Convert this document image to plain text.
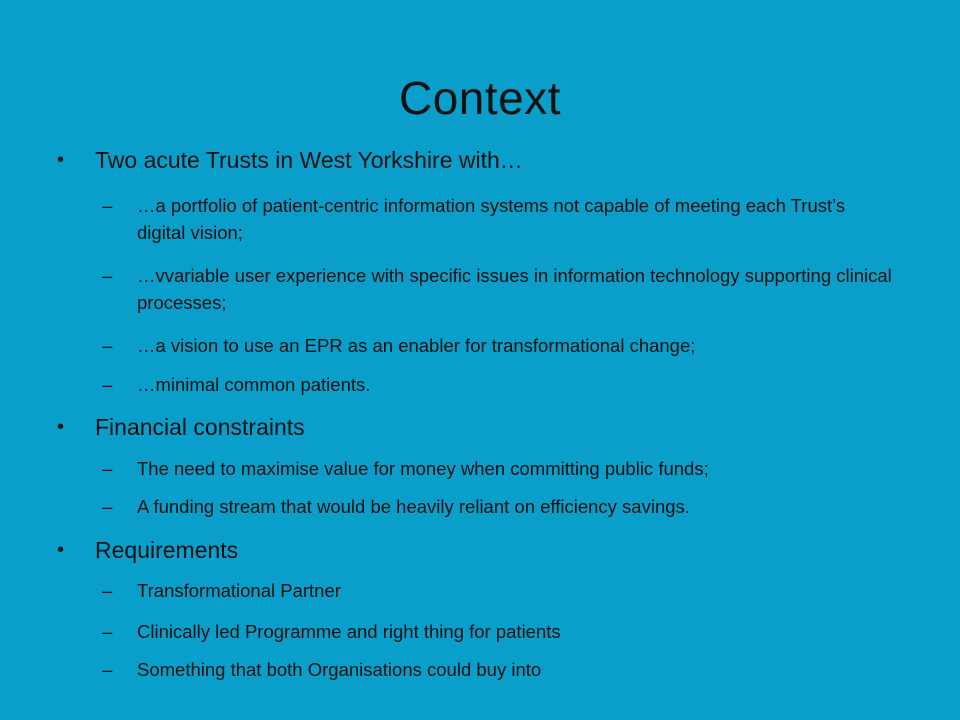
Context
• Two acute Trusts in West Yorkshire with…
– …a portfolio of patient-centric information systems not capable of meeting each Trust’s digital vision;
– …vvariable user experience with specific issues in information technology supporting clinical processes;
– …a vision to use an EPR as an enabler for transformational change;
– …minimal common patients.
• Financial constraints
– The need to maximise value for money when committing public funds;
– A funding stream that would be heavily reliant on efficiency savings.
• Requirements
– Transformational Partner
– Clinically led Programme and right thing for patients
– Something that both Organisations could buy into
